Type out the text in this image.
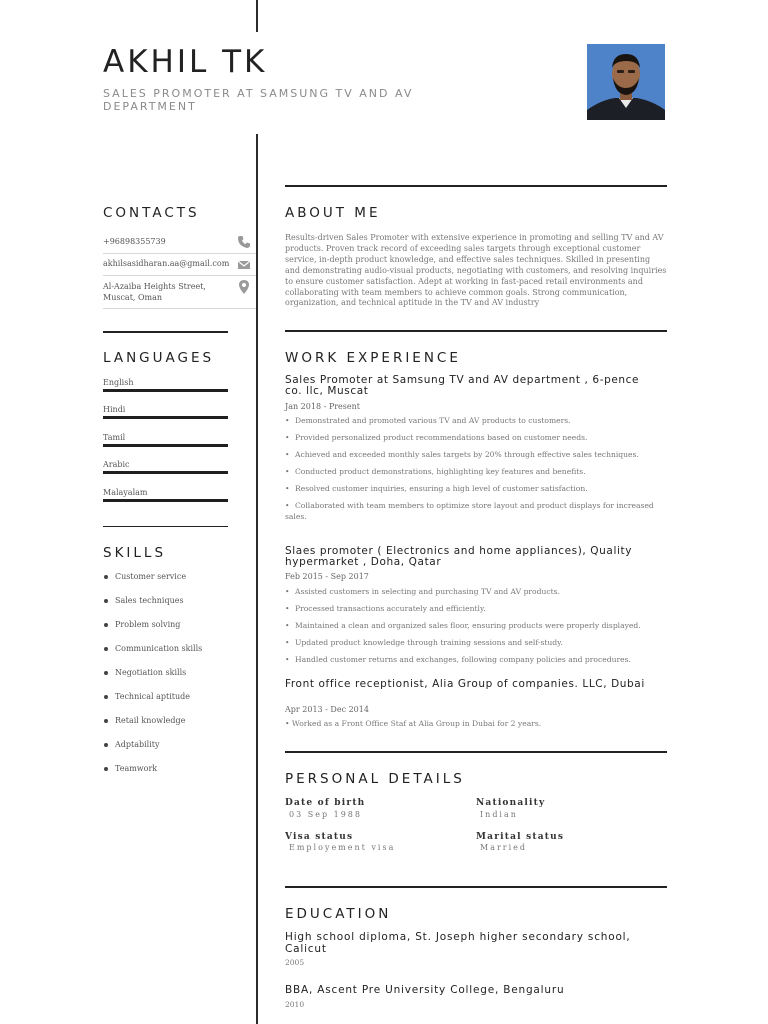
AKHIL TK
SALES PROMOTER AT SAMSUNG TV AND AV DEPARTMENT
CONTACTS
+96898355739
akhilsasidharan.aa@gmail.com
Al-Azaiba Heights Street, Muscat, Oman
LANGUAGES
English
Hindi
Tamil
Arabic
Malayalam
SKILLS
Customer service
Sales techniques
Problem solving
Communication skills
Negotiation skills
Technical aptitude
Retail knowledge
Adptability
Teamwork
ABOUT ME
Results-driven Sales Promoter with extensive experience in promoting and selling TV and AV products. Proven track record of exceeding sales targets through exceptional customer service, in-depth product knowledge, and effective sales techniques. Skilled in presenting and demonstrating audio-visual products, negotiating with customers, and resolving inquiries to ensure customer satisfaction. Adept at working in fast-paced retail environments and collaborating with team members to achieve common goals. Strong communication, organization, and technical aptitude in the TV and AV industry
WORK EXPERIENCE
Sales Promoter at Samsung TV and AV department , 6-pence co. llc, Muscat
Jan 2018 - Present
• Demonstrated and promoted various TV and AV products to customers.
• Provided personalized product recommendations based on customer needs.
• Achieved and exceeded monthly sales targets by 20% through effective sales techniques.
• Conducted product demonstrations, highlighting key features and benefits.
• Resolved customer inquiries, ensuring a high level of customer satisfaction.
• Collaborated with team members to optimize store layout and product displays for increased sales.
Slaes promoter ( Electronics and home appliances), Quality hypermarket , Doha, Qatar
Feb 2015 - Sep 2017
• Assisted customers in selecting and purchasing TV and AV products.
• Processed transactions accurately and efficiently.
• Maintained a clean and organized sales floor, ensuring products were properly displayed.
• Updated product knowledge through training sessions and self-study.
• Handled customer returns and exchanges, following company policies and procedures.
Front office receptionist, Alia Group of companies. LLC, Dubai
Apr 2013 - Dec 2014
• Worked as a Front Office Staf at Alia Group in Dubai for 2 years.
PERSONAL DETAILS
Date of birth
03 Sep 1988
Nationality
Indian
Visa status
Employement visa
Marital status
Married
EDUCATION
High school diploma, St. Joseph higher secondary school, Calicut
2005
BBA, Ascent Pre University College, Bengaluru
2010
